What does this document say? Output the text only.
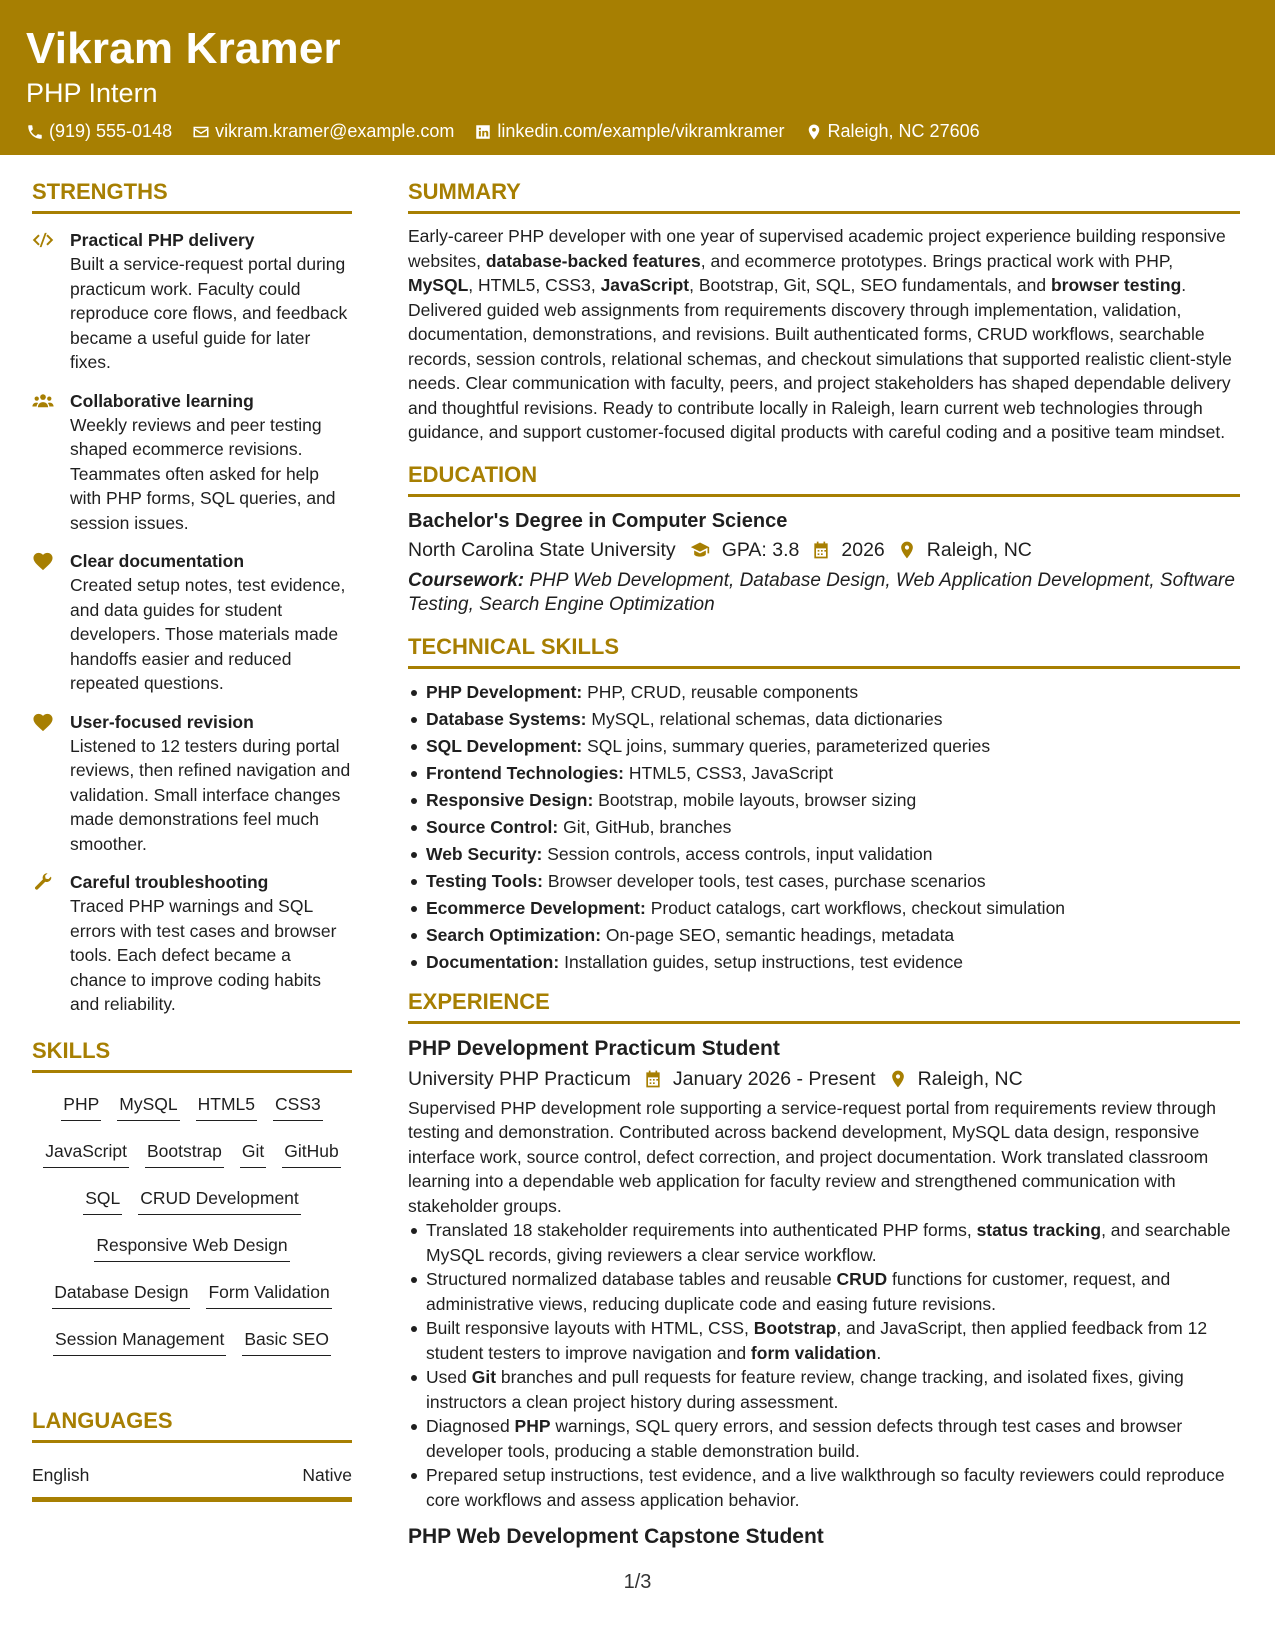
Vikram Kramer
PHP Intern
(919) 555-0148 vikram.kramer@example.com linkedin.com/example/vikramkramer Raleigh, NC 27606
STRENGTHS
Practical PHP delivery
Built a service-request portal during practicum work. Faculty could reproduce core flows, and feedback became a useful guide for later fixes.
Collaborative learning
Weekly reviews and peer testing shaped ecommerce revisions. Teammates often asked for help with PHP forms, SQL queries, and session issues.
Clear documentation
Created setup notes, test evidence, and data guides for student developers. Those materials made handoffs easier and reduced repeated questions.
User-focused revision
Listened to 12 testers during portal reviews, then refined navigation and validation. Small interface changes made demonstrations feel much smoother.
Careful troubleshooting
Traced PHP warnings and SQL errors with test cases and browser tools. Each defect became a chance to improve coding habits and reliability.
SKILLS
PHP MySQL HTML5 CSS3
JavaScript Bootstrap Git GitHub
SQL CRUD Development
Responsive Web Design
Database Design Form Validation
Session Management Basic SEO
LANGUAGES
English	Native
SUMMARY
Early-career PHP developer with one year of supervised academic project experience building responsive websites, database-backed features, and ecommerce prototypes. Brings practical work with PHP, MySQL, HTML5, CSS3, JavaScript, Bootstrap, Git, SQL, SEO fundamentals, and browser testing. Delivered guided web assignments from requirements discovery through implementation, validation, documentation, demonstrations, and revisions. Built authenticated forms, CRUD workflows, searchable records, session controls, relational schemas, and checkout simulations that supported realistic client-style needs. Clear communication with faculty, peers, and project stakeholders has shaped dependable delivery and thoughtful revisions. Ready to contribute locally in Raleigh, learn current web technologies through guidance, and support customer-focused digital products with careful coding and a positive team mindset.
EDUCATION
Bachelor's Degree in Computer Science
North Carolina State University GPA: 3.8 2026 Raleigh, NC
Coursework: PHP Web Development, Database Design, Web Application Development, Software Testing, Search Engine Optimization
TECHNICAL SKILLS
PHP Development: PHP, CRUD, reusable components
Database Systems: MySQL, relational schemas, data dictionaries
SQL Development: SQL joins, summary queries, parameterized queries
Frontend Technologies: HTML5, CSS3, JavaScript
Responsive Design: Bootstrap, mobile layouts, browser sizing
Source Control: Git, GitHub, branches
Web Security: Session controls, access controls, input validation
Testing Tools: Browser developer tools, test cases, purchase scenarios
Ecommerce Development: Product catalogs, cart workflows, checkout simulation
Search Optimization: On-page SEO, semantic headings, metadata
Documentation: Installation guides, setup instructions, test evidence
EXPERIENCE
PHP Development Practicum Student
University PHP Practicum January 2026 - Present Raleigh, NC
Supervised PHP development role supporting a service-request portal from requirements review through testing and demonstration. Contributed across backend development, MySQL data design, responsive interface work, source control, defect correction, and project documentation. Work translated classroom learning into a dependable web application for faculty review and strengthened communication with stakeholder groups.
Translated 18 stakeholder requirements into authenticated PHP forms, status tracking, and searchable MySQL records, giving reviewers a clear service workflow.
Structured normalized database tables and reusable CRUD functions for customer, request, and administrative views, reducing duplicate code and easing future revisions.
Built responsive layouts with HTML, CSS, Bootstrap, and JavaScript, then applied feedback from 12 student testers to improve navigation and form validation.
Used Git branches and pull requests for feature review, change tracking, and isolated fixes, giving instructors a clean project history during assessment.
Diagnosed PHP warnings, SQL query errors, and session defects through test cases and browser developer tools, producing a stable demonstration build.
Prepared setup instructions, test evidence, and a live walkthrough so faculty reviewers could reproduce core workflows and assess application behavior.
PHP Web Development Capstone Student
1/3
